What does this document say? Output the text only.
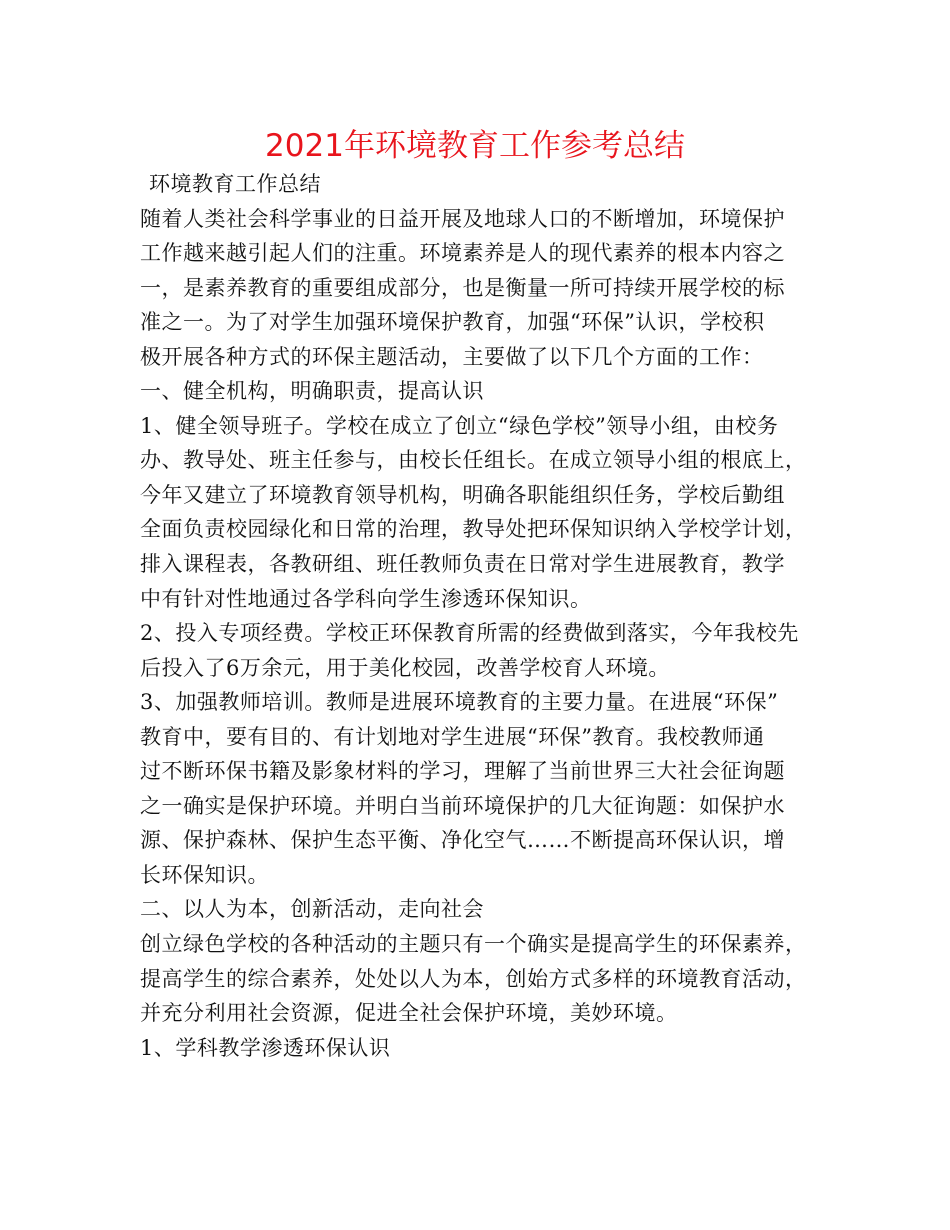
2021年环境教育工作参考总结
环境教育工作总结
随着人类社会科学事业的日益开展及地球人口的不断增加，环境保护
工作越来越引起人们的注重。环境素养是人的现代素养的根本内容之
一，是素养教育的重要组成部分，也是衡量一所可持续开展学校的标
准之一。为了对学生加强环境保护教育，加强“环保”认识，学校积
极开展各种方式的环保主题活动，主要做了以下几个方面的工作：
一、健全机构，明确职责，提高认识
1、健全领导班子。学校在成立了创立“绿色学校”领导小组，由校务
办、教导处、班主任参与，由校长任组长。在成立领导小组的根底上，
今年又建立了环境教育领导机构，明确各职能组织任务，学校后勤组
全面负责校园绿化和日常的治理，教导处把环保知识纳入学校学计划，
排入课程表，各教研组、班任教师负责在日常对学生进展教育，教学
中有针对性地通过各学科向学生渗透环保知识。
2、投入专项经费。学校正环保教育所需的经费做到落实，今年我校先
后投入了6万余元，用于美化校园，改善学校育人环境。
3、加强教师培训。教师是进展环境教育的主要力量。在进展“环保”
教育中，要有目的、有计划地对学生进展“环保”教育。我校教师通
过不断环保书籍及影象材料的学习，理解了当前世界三大社会征询题
之一确实是保护环境。并明白当前环境保护的几大征询题：如保护水
源、保护森林、保护生态平衡、净化空气……不断提高环保认识，增
长环保知识。
二、以人为本，创新活动，走向社会
创立绿色学校的各种活动的主题只有一个确实是提高学生的环保素养，
提高学生的综合素养，处处以人为本，创始方式多样的环境教育活动，
并充分利用社会资源，促进全社会保护环境，美妙环境。
1、学科教学渗透环保认识
